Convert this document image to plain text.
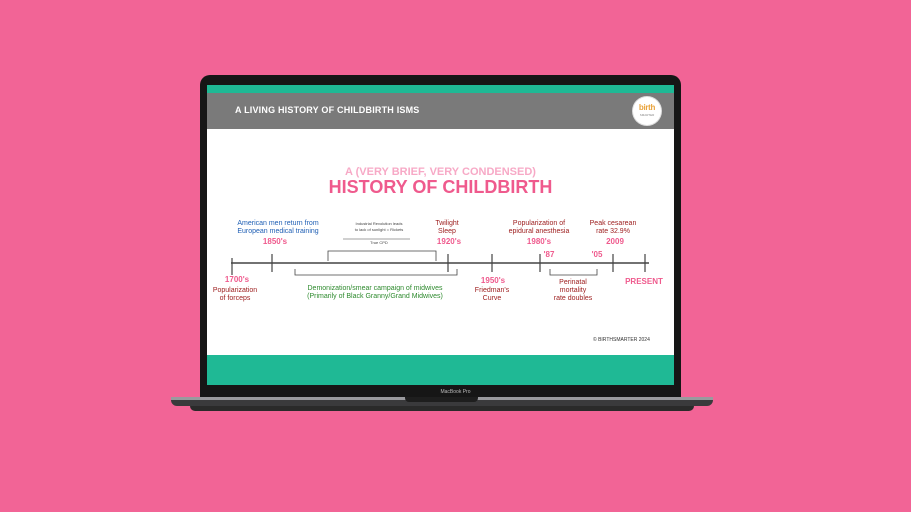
A LIVING HISTORY OF CHILDBIRTH ISMS	birth
SMARTER
A (VERY BRIEF, VERY CONDENSED)
HISTORY OF CHILDBIRTH
American men return from
European medical training
1850's
Industrial Revolution leads
to lack of sunlight = Rickets
True CPD
Twilight
Sleep
1920's
Popularization of
epidural anesthesia
1980's
Peak cesarean
rate 32.9%
2009
1700's
Popularization
of forceps
Demonization/smear campaign of midwives
(Primarily of Black Granny/Grand Midwives)
1950's
Friedman's
Curve
'87	'05
Perinatal
mortality
rate doubles
PRESENT
© BIRTHSMARTER 2024
MacBook Pro
